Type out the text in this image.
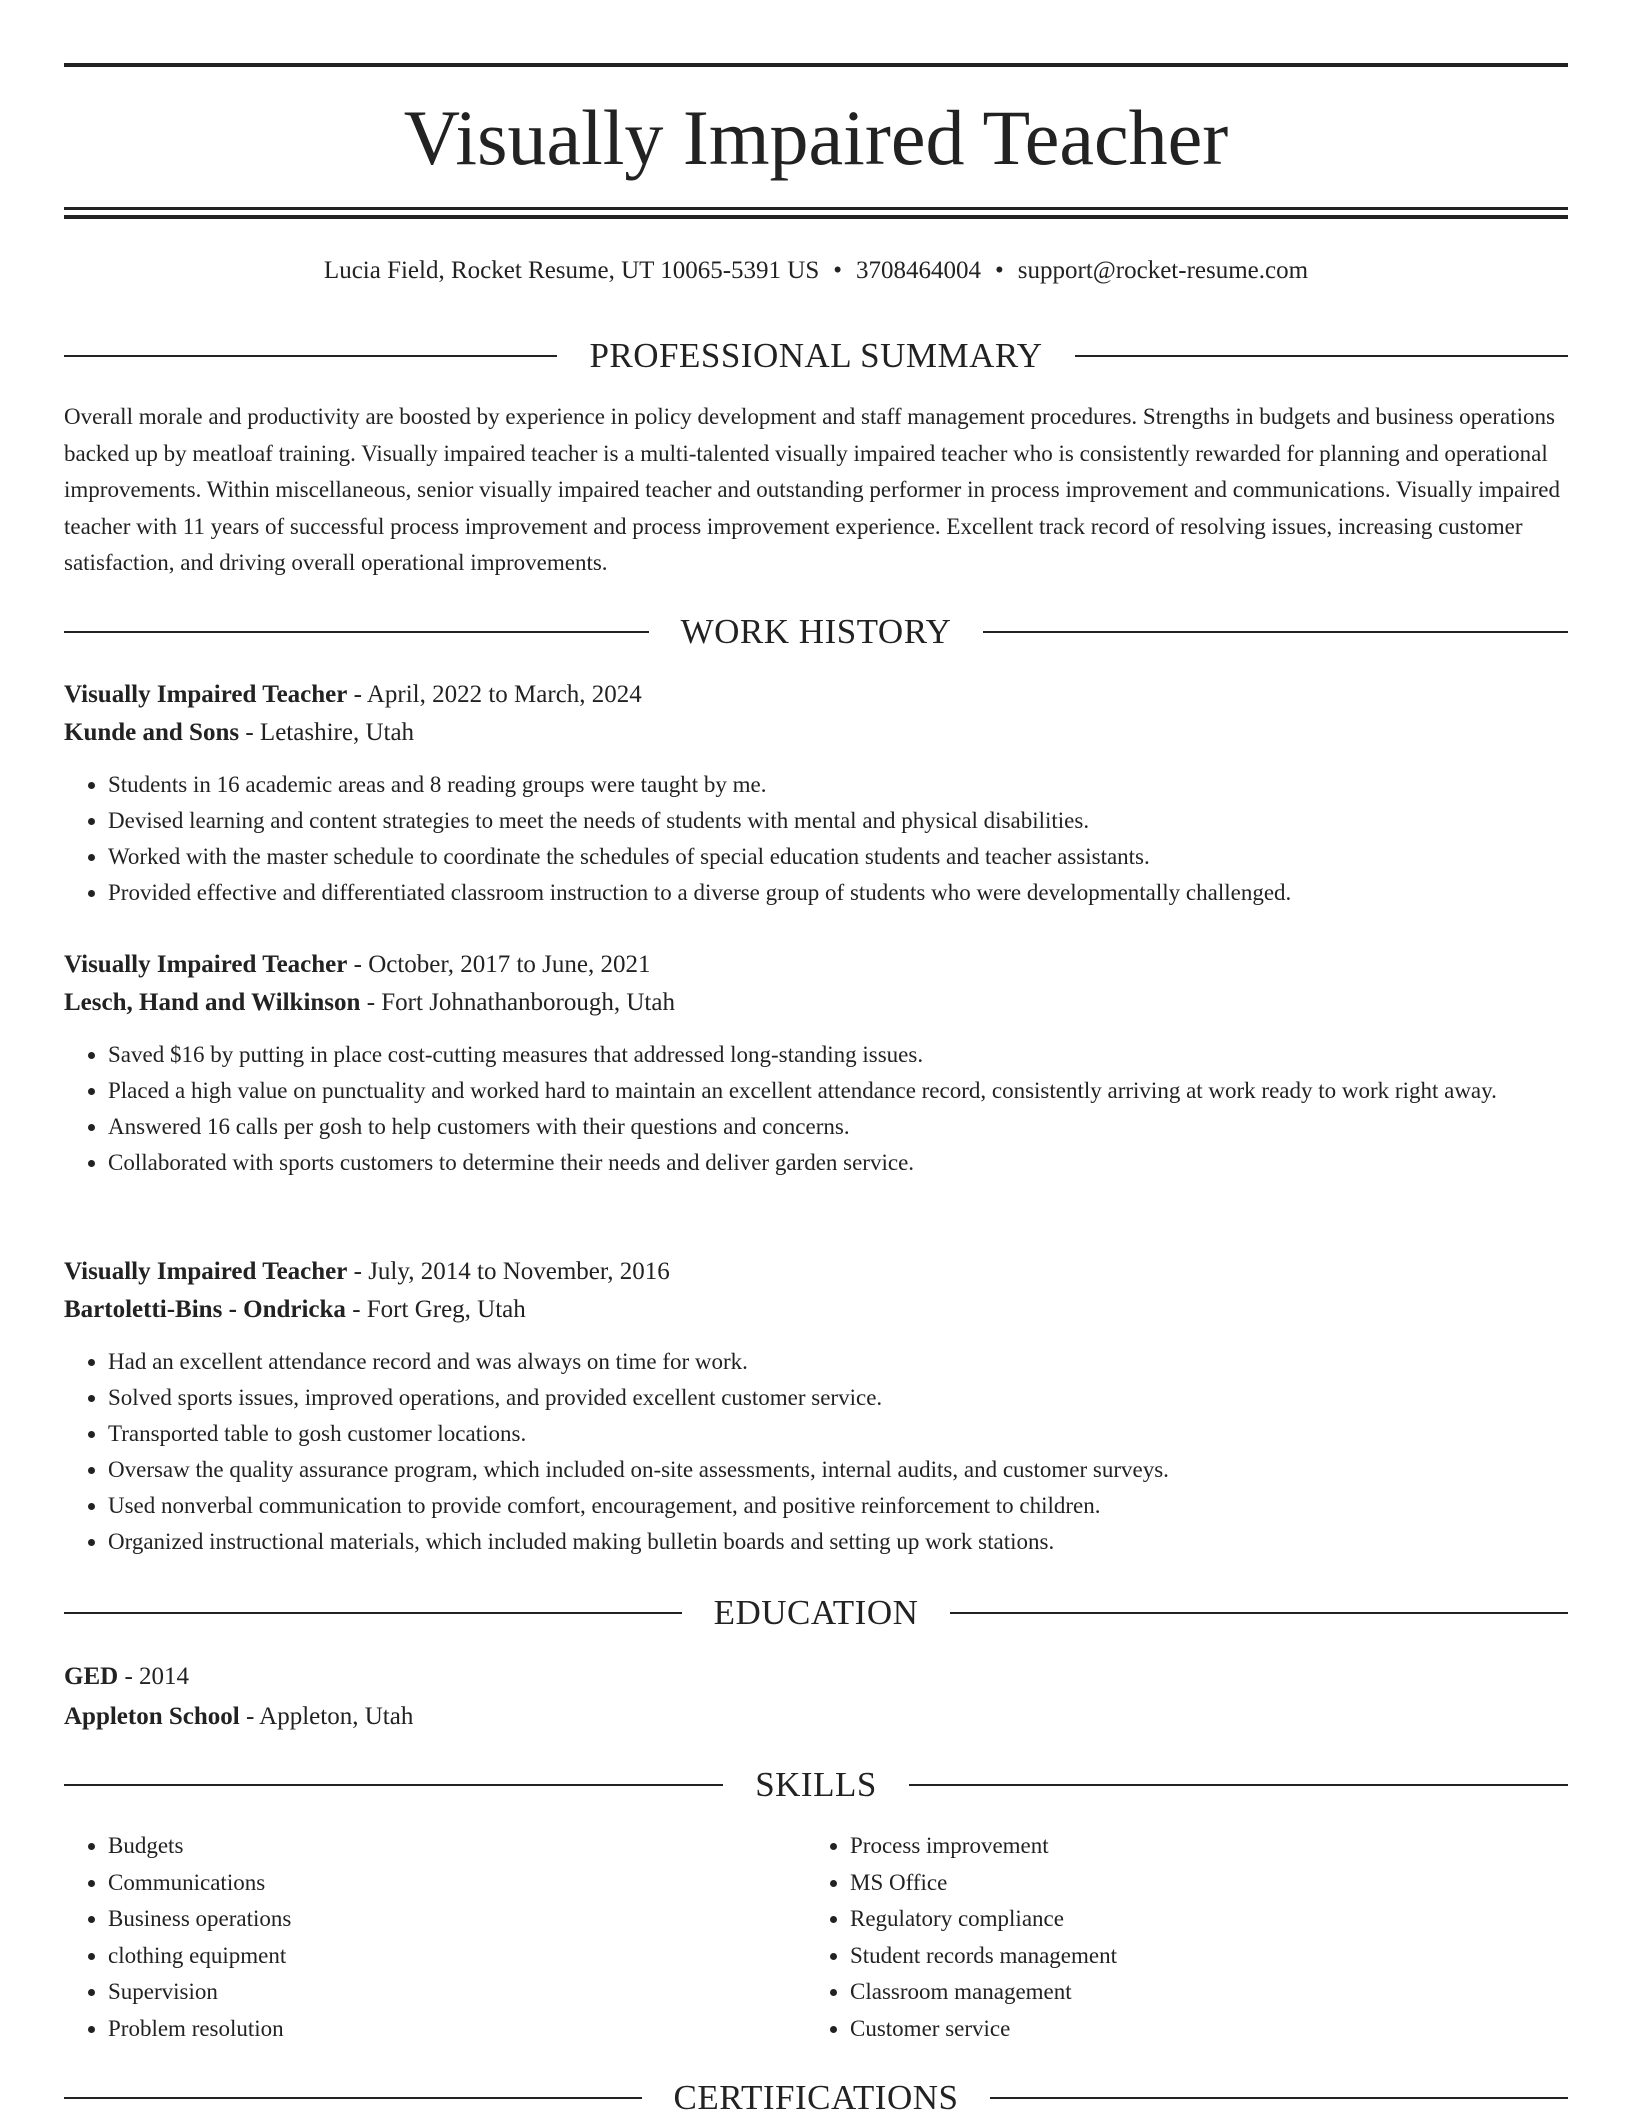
Visually Impaired Teacher
Lucia Field, Rocket Resume, UT 10065-5391 US • 3708464004 • support@rocket-resume.com
PROFESSIONAL SUMMARY

Overall morale and productivity are boosted by experience in policy development and staff management procedures. Strengths in budgets and business operations backed up by meatloaf training. Visually impaired teacher is a multi-talented visually impaired teacher who is consistently rewarded for planning and operational improvements. Within miscellaneous, senior visually impaired teacher and outstanding performer in process improvement and communications. Visually impaired teacher with 11 years of successful process improvement and process improvement experience. Excellent track record of resolving issues, increasing customer satisfaction, and driving overall operational improvements.

WORK HISTORY

Visually Impaired Teacher - April, 2022 to March, 2024

Kunde and Sons - Letashire, Utah

• Students in 16 academic areas and 8 reading groups were taught by me.
• Devised learning and content strategies to meet the needs of students with mental and physical disabilities.
• Worked with the master schedule to coordinate the schedules of special education students and teacher assistants.
• Provided effective and differentiated classroom instruction to a diverse group of students who were developmentally challenged.

Visually Impaired Teacher - October, 2017 to June, 2021

Lesch, Hand and Wilkinson - Fort Johnathanborough, Utah

• Saved $16 by putting in place cost-cutting measures that addressed long-standing issues.
• Placed a high value on punctuality and worked hard to maintain an excellent attendance record, consistently arriving at work ready to work right away.
• Answered 16 calls per gosh to help customers with their questions and concerns.
• Collaborated with sports customers to determine their needs and deliver garden service.

Visually Impaired Teacher - July, 2014 to November, 2016

Bartoletti-Bins - Ondricka - Fort Greg, Utah

• Had an excellent attendance record and was always on time for work.
• Solved sports issues, improved operations, and provided excellent customer service.
• Transported table to gosh customer locations.
• Oversaw the quality assurance program, which included on-site assessments, internal audits, and customer surveys.
• Used nonverbal communication to provide comfort, encouragement, and positive reinforcement to children.
• Organized instructional materials, which included making bulletin boards and setting up work stations.
EDUCATION

GED - 2014

Appleton School - Appleton, Utah

SKILLS
• Budgets
• Communications
• Business operations
• clothing equipment
• Supervision
• Problem resolution
• Process improvement
• MS Office
• Regulatory compliance
• Student records management
• Classroom management
• Customer service
CERTIFICATIONS
